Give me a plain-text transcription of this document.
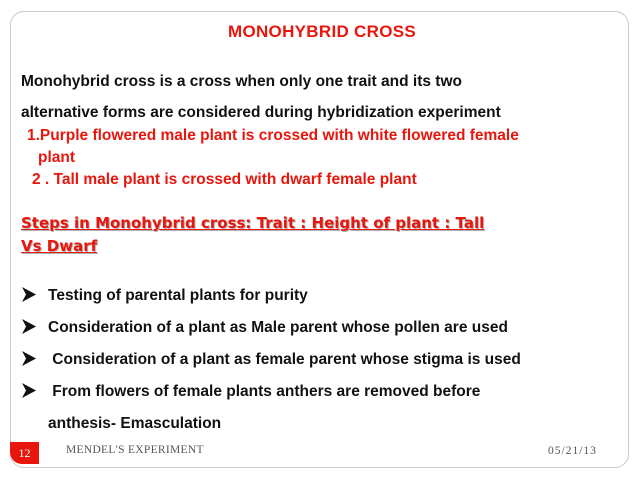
MONOHYBRID CROSS
Monohybrid cross is a cross when only one trait and its two
alternative forms are considered during hybridization experiment
1.Purple flowered male plant is crossed with white flowered female
plant
2 . Tall male plant is crossed with dwarf female plant
Steps in Monohybrid cross: Trait : Height of plant : Tall
Vs Dwarf
Testing of parental plants for purity
Consideration of a plant as Male parent whose pollen are used
Consideration of a plant as female parent whose stigma is used
From flowers of female plants anthers are removed before
anthesis- Emasculation
12	MENDEL'S EXPERIMENT	05/21/13
